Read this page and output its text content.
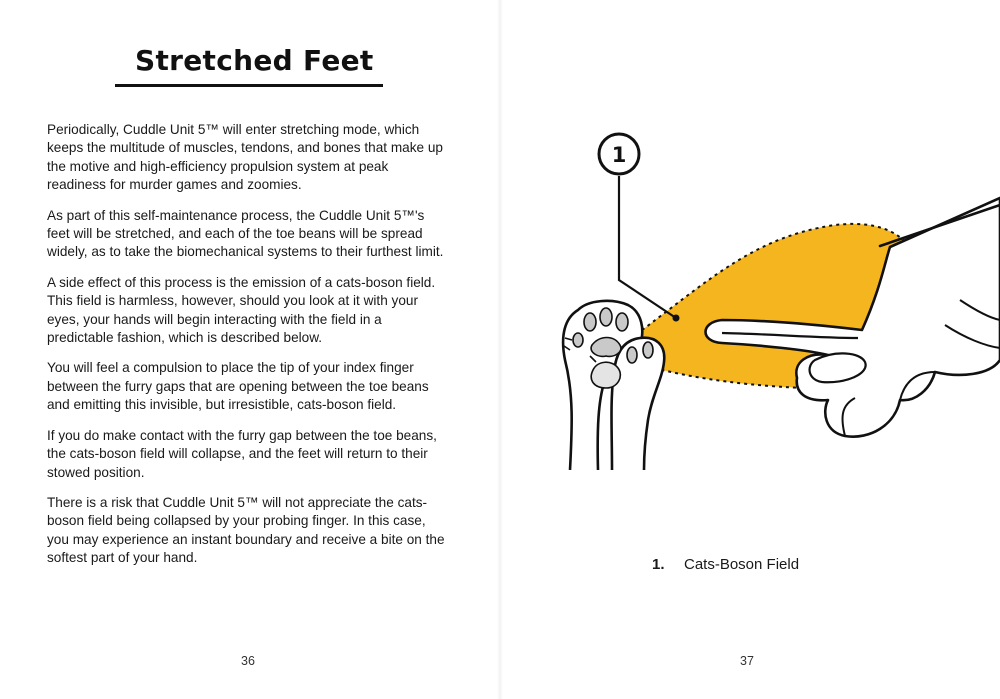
Stretched Feet

Periodically, Cuddle Unit 5™ will enter stretching mode, which keeps the multitude of muscles, tendons, and bones that make up the motive and high-efficiency propulsion system at peak readiness for murder games and zoomies.

As part of this self-maintenance process, the Cuddle Unit 5™'s feet will be stretched, and each of the toe beans will be spread widely, as to take the biomechanical systems to their furthest limit.

A side effect of this process is the emission of a cats-boson field. This field is harmless, however, should you look at it with your eyes, your hands will begin interacting with the field in a predictable fashion, which is described below.

You will feel a compulsion to place the tip of your index finger between the furry gaps that are opening between the toe beans and emitting this invisible, but irresistible, cats-boson field.

If you do make contact with the furry gap between the toe beans, the cats-boson field will collapse, and the feet will return to their stowed position.

There is a risk that Cuddle Unit 5™ will not appreciate the cats-boson field being collapsed by your probing finger. In this case, you may experience an instant boundary and receive a bite on the softest part of your hand.

36
1
1. Cats-Boson Field
37
